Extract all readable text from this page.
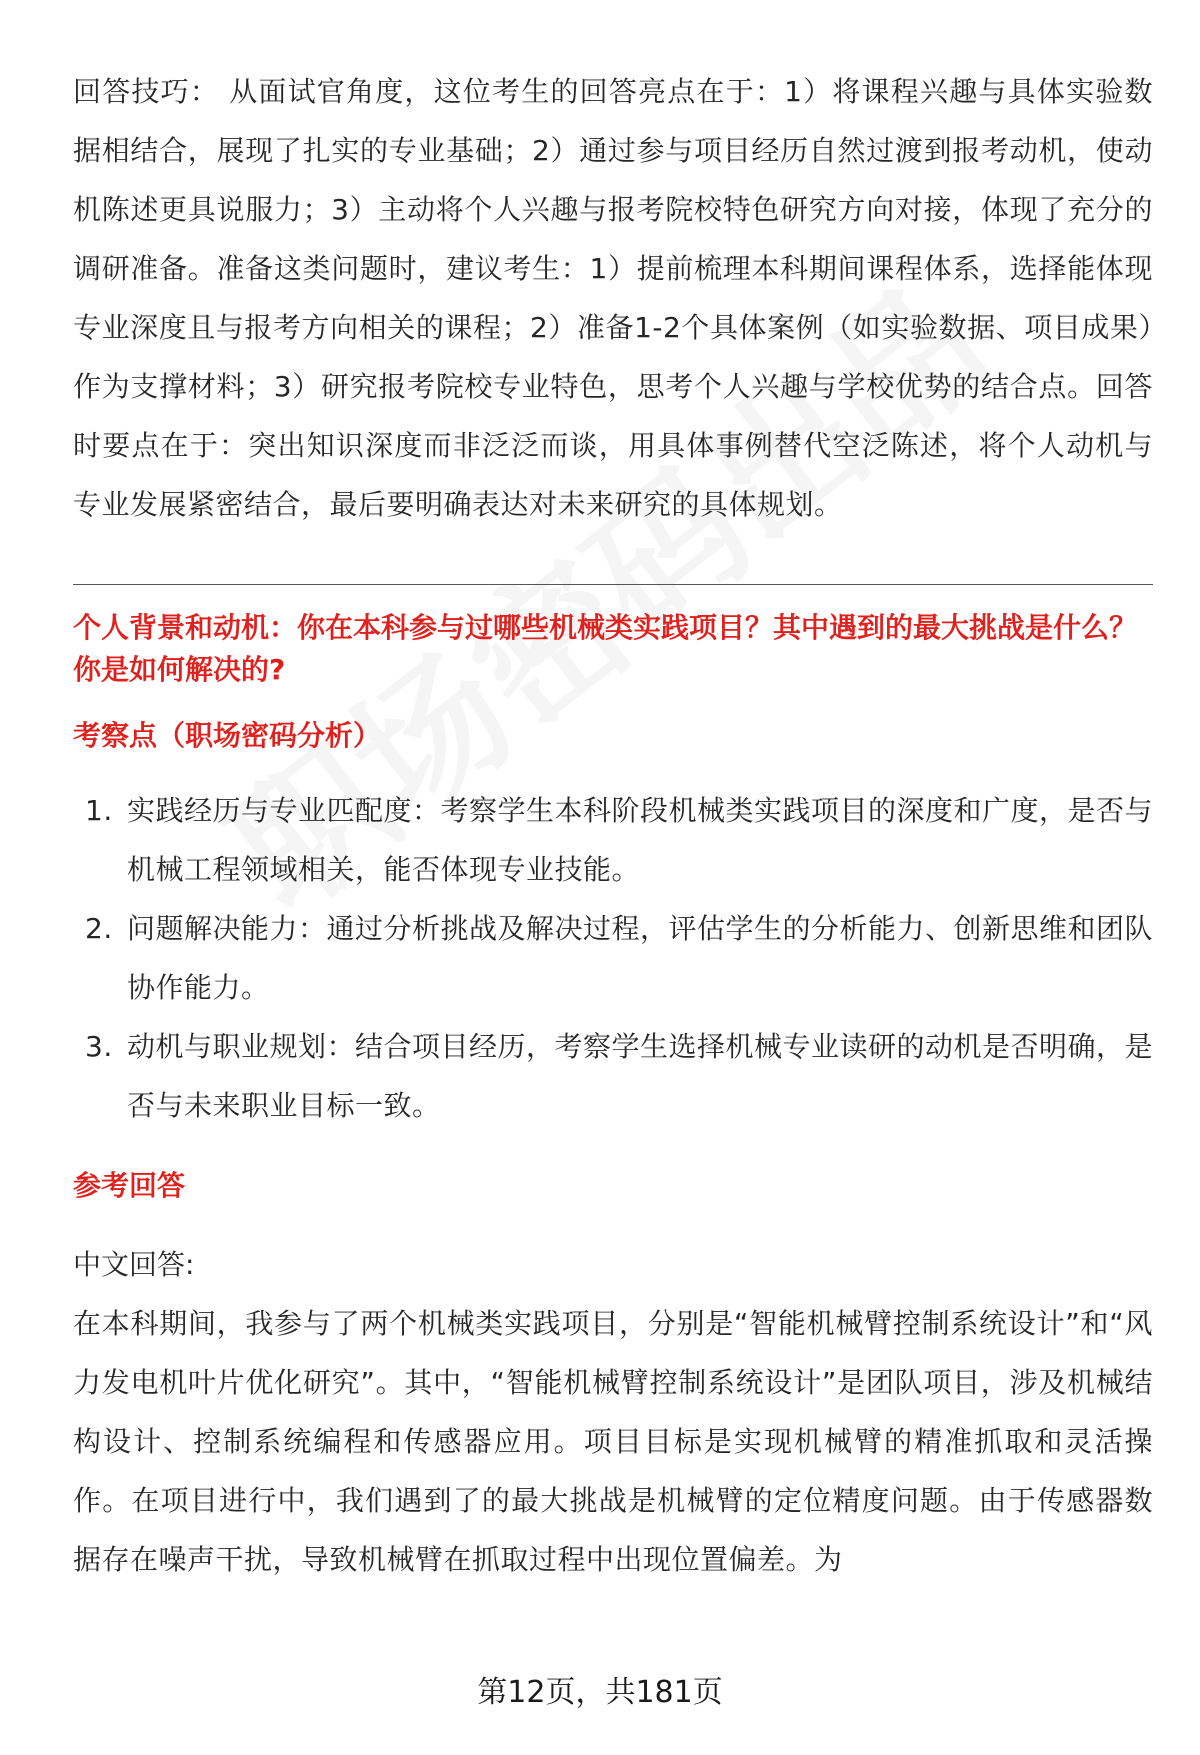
回答技巧： 从面试官角度，这位考生的回答亮点在于：1）将课程兴趣与具体实验数据相结合，展现了扎实的专业基础；2）通过参与项目经历自然过渡到报考动机，使动机陈述更具说服力；3）主动将个人兴趣与报考院校特色研究方向对接，体现了充分的调研准备。准备这类问题时，建议考生：1）提前梳理本科期间课程体系，选择能体现专业深度且与报考方向相关的课程；2）准备1-2个具体案例（如实验数据、项目成果）作为支撑材料；3）研究报考院校专业特色，思考个人兴趣与学校优势的结合点。回答时要点在于：突出知识深度而非泛泛而谈，用具体事例替代空泛陈述，将个人动机与专业发展紧密结合，最后要明确表达对未来研究的具体规划。

个人背景和动机：你在本科参与过哪些机械类实践项目？其中遇到的最大挑战是什么？你是如何解决的?

考察点（职场密码分析）

1. 实践经历与专业匹配度：考察学生本科阶段机械类实践项目的深度和广度，是否与机械工程领域相关，能否体现专业技能。
2. 问题解决能力：通过分析挑战及解决过程，评估学生的分析能力、创新思维和团队协作能力。
3. 动机与职业规划：结合项目经历，考察学生选择机械专业读研的动机是否明确，是否与未来职业目标一致。

参考回答

中文回答:

在本科期间，我参与了两个机械类实践项目，分别是“智能机械臂控制系统设计”和“风力发电机叶片优化研究”。其中，“智能机械臂控制系统设计”是团队项目，涉及机械结构设计、控制系统编程和传感器应用。项目目标是实现机械臂的精准抓取和灵活操作。在项目进行中，我们遇到了的最大挑战是机械臂的定位精度问题。由于传感器数据存在噪声干扰，导致机械臂在抓取过程中出现位置偏差。为

第12页，共181页
